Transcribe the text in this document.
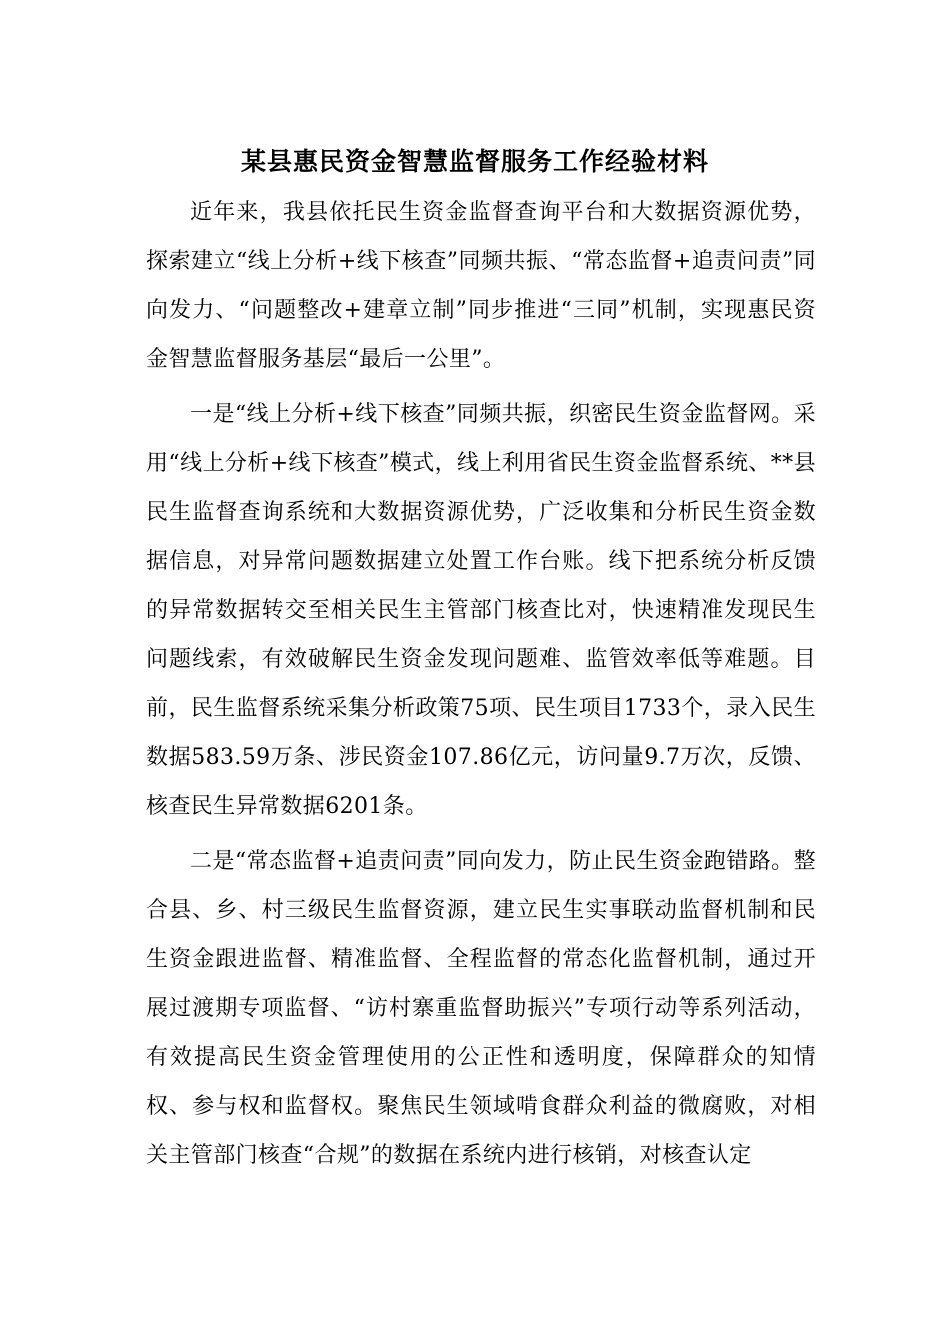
某县惠民资金智慧监督服务工作经验材料

近年来，我县依托民生资金监督查询平台和大数据资源优势，探索建立“线上分析+线下核查”同频共振、“常态监督+追责问责”同向发力、“问题整改+建章立制”同步推进“三同”机制，实现惠民资金智慧监督服务基层“最后一公里”。

一是“线上分析+线下核查”同频共振，织密民生资金监督网。采用“线上分析+线下核查”模式，线上利用省民生资金监督系统、**县民生监督查询系统和大数据资源优势，广泛收集和分析民生资金数据信息，对异常问题数据建立处置工作台账。线下把系统分析反馈的异常数据转交至相关民生主管部门核查比对，快速精准发现民生问题线索，有效破解民生资金发现问题难、监管效率低等难题。目前，民生监督系统采集分析政策75项、民生项目1733个，录入民生数据583.59万条、涉民资金107.86亿元，访问量9.7万次，反馈、核查民生异常数据6201条。

二是“常态监督+追责问责”同向发力，防止民生资金跑错路。整合县、乡、村三级民生监督资源，建立民生实事联动监督机制和民生资金跟进监督、精准监督、全程监督的常态化监督机制，通过开展过渡期专项监督、“访村寨重监督助振兴”专项行动等系列活动，有效提高民生资金管理使用的公正性和透明度，保障群众的知情权、参与权和监督权。聚焦民生领域啃食群众利益的微腐败，对相关主管部门核查“合规”的数据在系统内进行核销，对核查认定
